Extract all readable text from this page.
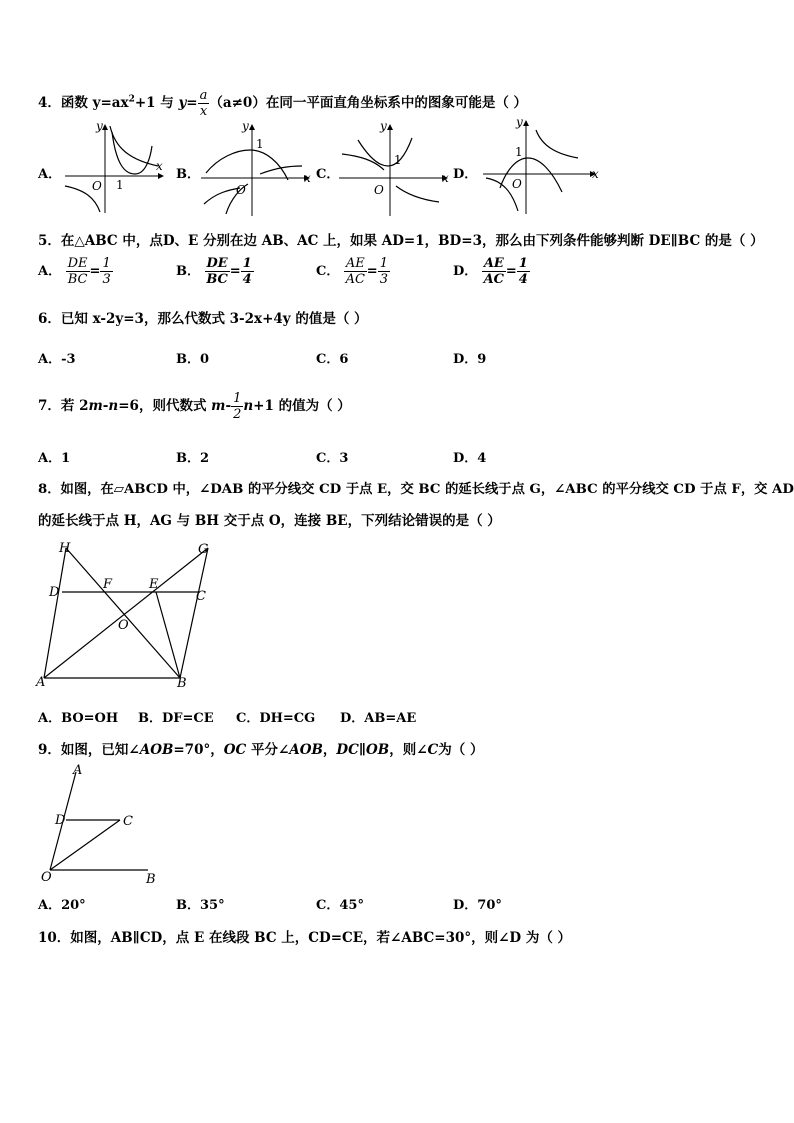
4．函数 $y=ax^2+1$ 与 $y= \frac{a}{x} (a\ne 0)$在同一平面直角坐标系中的图象可能是（ ）
A．	B．	C．	D．
y
x
O 1
y
x
O
1
y
x
O
1
y
x
O
1
5．在△ABC 中，点D、E 分别在边 AB、AC 上，如果 AD=1，BD=3，那么由下列条件能够判断 DE∥BC 的是（ ）
A． $\frac{DE}{BC} = \frac{1}{3}$	B． $\frac{DE}{BC} = \frac{1}{4}$	C． $\frac{AE}{AC} = \frac{1}{3}$	D． $\frac{AE}{AC} = \frac{1}{4}$
6．已知 x-2y=3，那么代数式 3-2x+4y 的值是（ ）
A．-3	B．0	C．6	D．9
7．若 2m-n=6，则代数式 $m- \frac{1}{2} n+1$ 的值为（ ）
A．1	B．2	C．3	D．4
8．如图，在▱ABCD 中，∠DAB 的平分线交 CD 于点 E，交 BC 的延长线于点 G，∠ABC 的平分线交 CD 于点 F，交 AD
的延长线于点 H，AG 与 BH 交于点 O，连接 BE，下列结论错误的是（ ）
H	G
D
F	E
C
O
A	B
A．BO=OH B．DF=CE C．DH=CG D．AB=AE
9．如图，已知∠AOB=70°，OC 平分∠AOB，DC∥OB，则∠C为（ ）
A
D	C
O	B
A．20°	B．35°	C．45°	D．70°
10．如图，AB∥CD，点 E 在线段 BC 上，CD=CE，若∠ABC=30°，则∠D 为（ ）
